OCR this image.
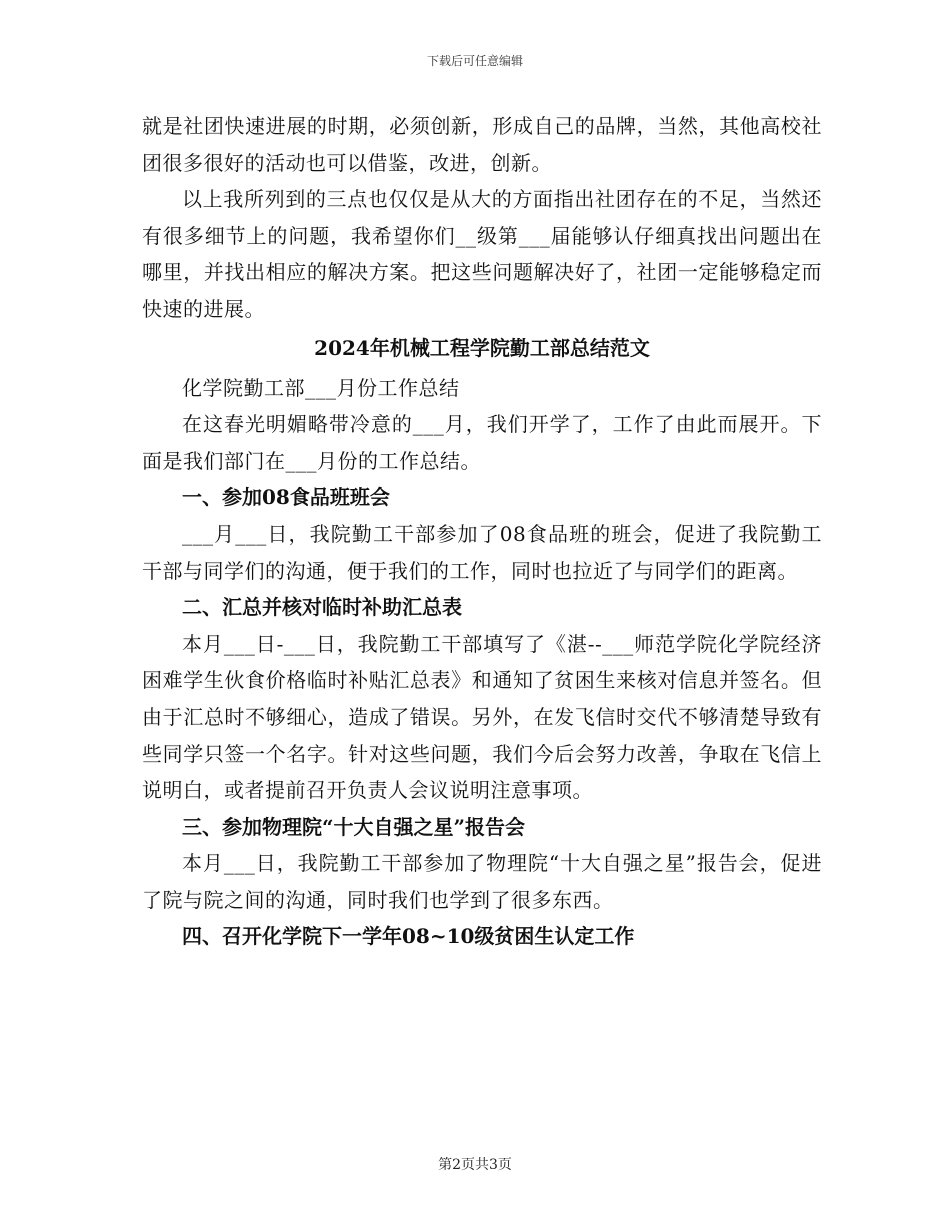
下载后可任意编辑

就是社团快速进展的时期，必须创新，形成自己的品牌，当然，其他高校社团很多很好的活动也可以借鉴，改进，创新。

以上我所列到的三点也仅仅是从大的方面指出社团存在的不足，当然还有很多细节上的问题，我希望你们__级第___届能够认仔细真找出问题出在哪里，并找出相应的解决方案。把这些问题解决好了，社团一定能够稳定而快速的进展。

2024年机械工程学院勤工部总结范文

化学院勤工部___月份工作总结

在这春光明媚略带冷意的___月，我们开学了，工作了由此而展开。下面是我们部门在___月份的工作总结。

一、参加08食品班班会

___月___日，我院勤工干部参加了08食品班的班会，促进了我院勤工干部与同学们的沟通，便于我们的工作，同时也拉近了与同学们的距离。

二、汇总并核对临时补助汇总表

本月___日-___日，我院勤工干部填写了《湛--___师范学院化学院经济困难学生伙食价格临时补贴汇总表》和通知了贫困生来核对信息并签名。但由于汇总时不够细心，造成了错误。另外，在发飞信时交代不够清楚导致有些同学只签一个名字。针对这些问题，我们今后会努力改善，争取在飞信上说明白，或者提前召开负责人会议说明注意事项。

三、参加物理院“十大自强之星”报告会

本月___日，我院勤工干部参加了物理院“十大自强之星”报告会，促进了院与院之间的沟通，同时我们也学到了很多东西。

四、召开化学院下一学年08~10级贫困生认定工作

第2页共3页
